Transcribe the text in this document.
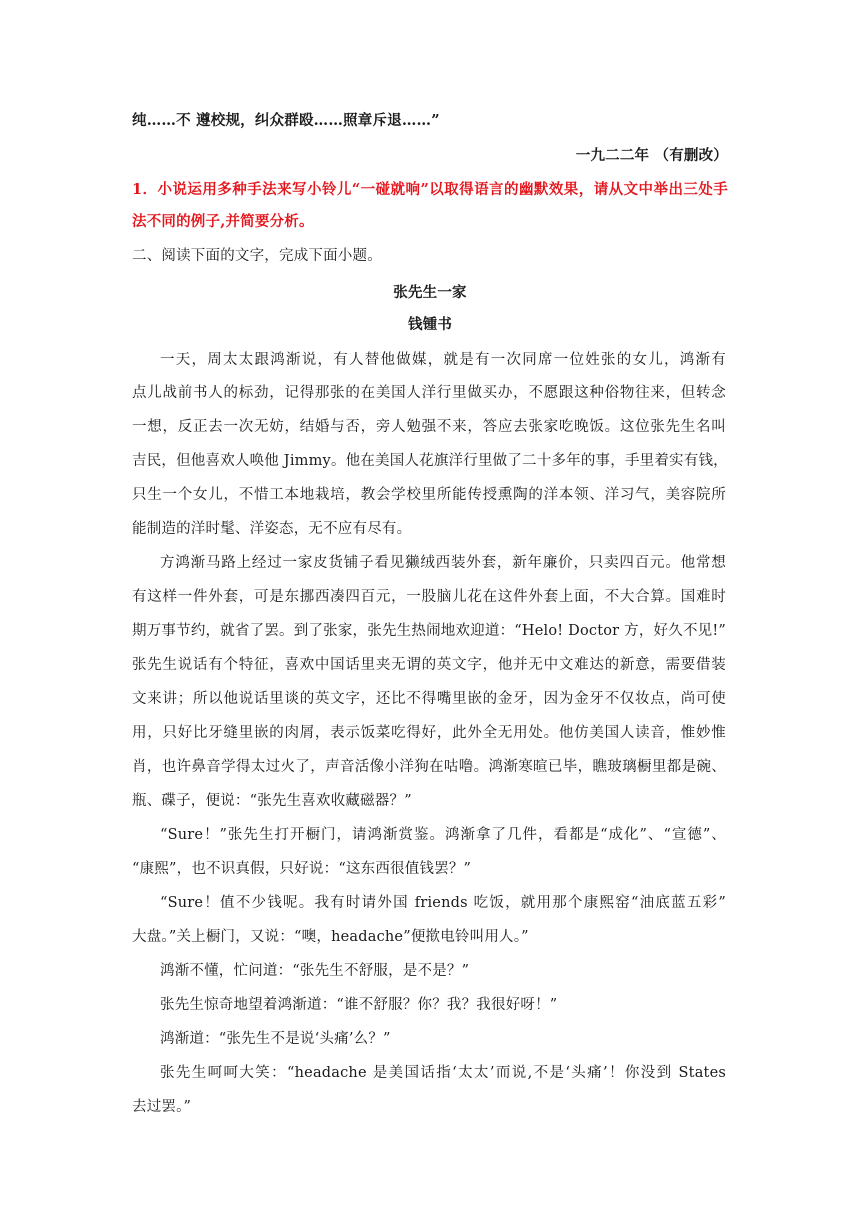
纯……不 遵校规，纠众群殴……照章斥退……”
一九二二年 （有删改）
1．小说运用多种手法来写小铃儿“一碰就响”以取得语言的幽默效果，请从文中举出三处手
法不同的例子,并简要分析。
二、阅读下面的文字，完成下面小题。
张先生一家
钱锺书
一天，周太太跟鸿渐说，有人替他做媒，就是有一次同席一位姓张的女儿，鸿渐有
点儿战前书人的标劲，记得那张的在美国人洋行里做买办，不愿跟这种俗物往来，但转念
一想，反正去一次无妨，结婚与否，旁人勉强不来，答应去张家吃晚饭。这位张先生名叫
吉民，但他喜欢人唤他 Jimmy。他在美国人花旗洋行里做了二十多年的事，手里着实有钱，
只生一个女儿，不惜工本地栽培，教会学校里所能传授熏陶的洋本领、洋习气，美容院所
能制造的洋时髦、洋姿态，无不应有尽有。
方鸿渐马路上经过一家皮货铺子看见獭绒西装外套，新年廉价，只卖四百元。他常想
有这样一件外套，可是东挪西凑四百元，一股脑儿花在这件外套上面，不大合算。国难时
期万事节约，就省了罢。到了张家，张先生热闹地欢迎道：“Helo! Doctor 方，好久不见!”
张先生说话有个特征，喜欢中国话里夹无谓的英文字，他并无中文难达的新意，需要借装
文来讲；所以他说话里谈的英文字，还比不得嘴里嵌的金牙，因为金牙不仅妆点，尚可使
用，只好比牙缝里嵌的肉屑，表示饭菜吃得好，此外全无用处。他仿美国人读音，惟妙惟
肖，也许鼻音学得太过火了，声音活像小洋狗在咕噜。鸿渐寒暄已毕，瞧玻璃橱里都是碗、
瓶、碟子，便说：“张先生喜欢收藏磁器？”
“Sure！”张先生打开橱门，请鸿渐赏鉴。鸿渐拿了几件，看都是“成化”、“宣德”、
“康熙”，也不识真假，只好说：“这东西很值钱罢？”
“Sure！值不少钱呢。我有时请外国 friends 吃饭，就用那个康熙窑“油底蓝五彩”
大盘。”关上橱门，又说：“噢，headache”便揿电铃叫用人。”
鸿渐不懂，忙问道：“张先生不舒服，是不是？”
张先生惊奇地望着鸿渐道：“谁不舒服？你？我？我很好呀！”
鸿渐道：“张先生不是说‘头痛’么？”
张先生呵呵大笑：“headache 是美国话指‘太太’而说,不是‘头痛’！你没到 States
去过罢。”
